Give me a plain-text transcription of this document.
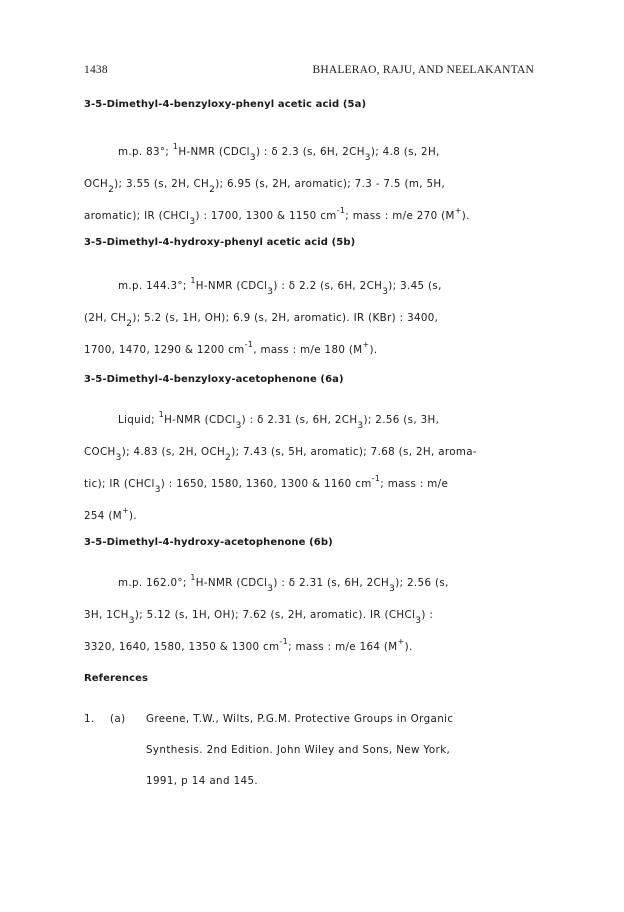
1438	BHALERAO, RAJU, AND NEELAKANTAN
3-5-Dimethyl-4-benzyloxy-phenyl acetic acid (5a)
m.p. 83°; $^1$H-NMR (CDCl3) : δ 2.3 (s, 6H, 2CH3); 4.8 (s, 2H,
OCH2); 3.55 (s, 2H, CH2); 6.95 (s, 2H, aromatic); 7.3 - 7.5 (m, 5H,
aromatic); IR (CHCl3) : 1700, 1300 & 1150 $cm^{-1}$; mass : m/e 270 (M+).
3-5-Dimethyl-4-hydroxy-phenyl acetic acid (5b)
m.p. 144.3°; $^1$H-NMR (CDCl3) : δ 2.2 (s, 6H, 2CH3); 3.45 (s,
(2H, CH2); 5.2 (s, 1H, OH); 6.9 (s, 2H, aromatic). IR (KBr) : 3400,
1700, 1470, 1290 & 1200 $cm^{-1}$, mass : m/e 180 (M+).
3-5-Dimethyl-4-benzyloxy-acetophenone (6a)
Liquid; $^1$H-NMR (CDCl3) : δ 2.31 (s, 6H, 2CH3); 2.56 (s, 3H,
COCH3); 4.83 (s, 2H, OCH2); 7.43 (s, 5H, aromatic); 7.68 (s, 2H, aroma-
tic); IR (CHCl3) : 1650, 1580, 1360, 1300 & 1160 $cm^{-1}$; mass : m/e
254 (M+).
3-5-Dimethyl-4-hydroxy-acetophenone (6b)
m.p. 162.0°; $^1$H-NMR (CDCl3) : δ 2.31 (s, 6H, 2CH3); 2.56 (s,
3H, 1CH3); 5.12 (s, 1H, OH); 7.62 (s, 2H, aromatic). IR (CHCl3) :
3320, 1640, 1580, 1350 & 1300 $cm^{-1}$; mass : m/e 164 (M+).
References
1. (a) Greene, T.W., Wilts, P.G.M. Protective Groups in Organic
Synthesis. 2nd Edition. John Wiley and Sons, New York,
1991, p 14 and 145.
